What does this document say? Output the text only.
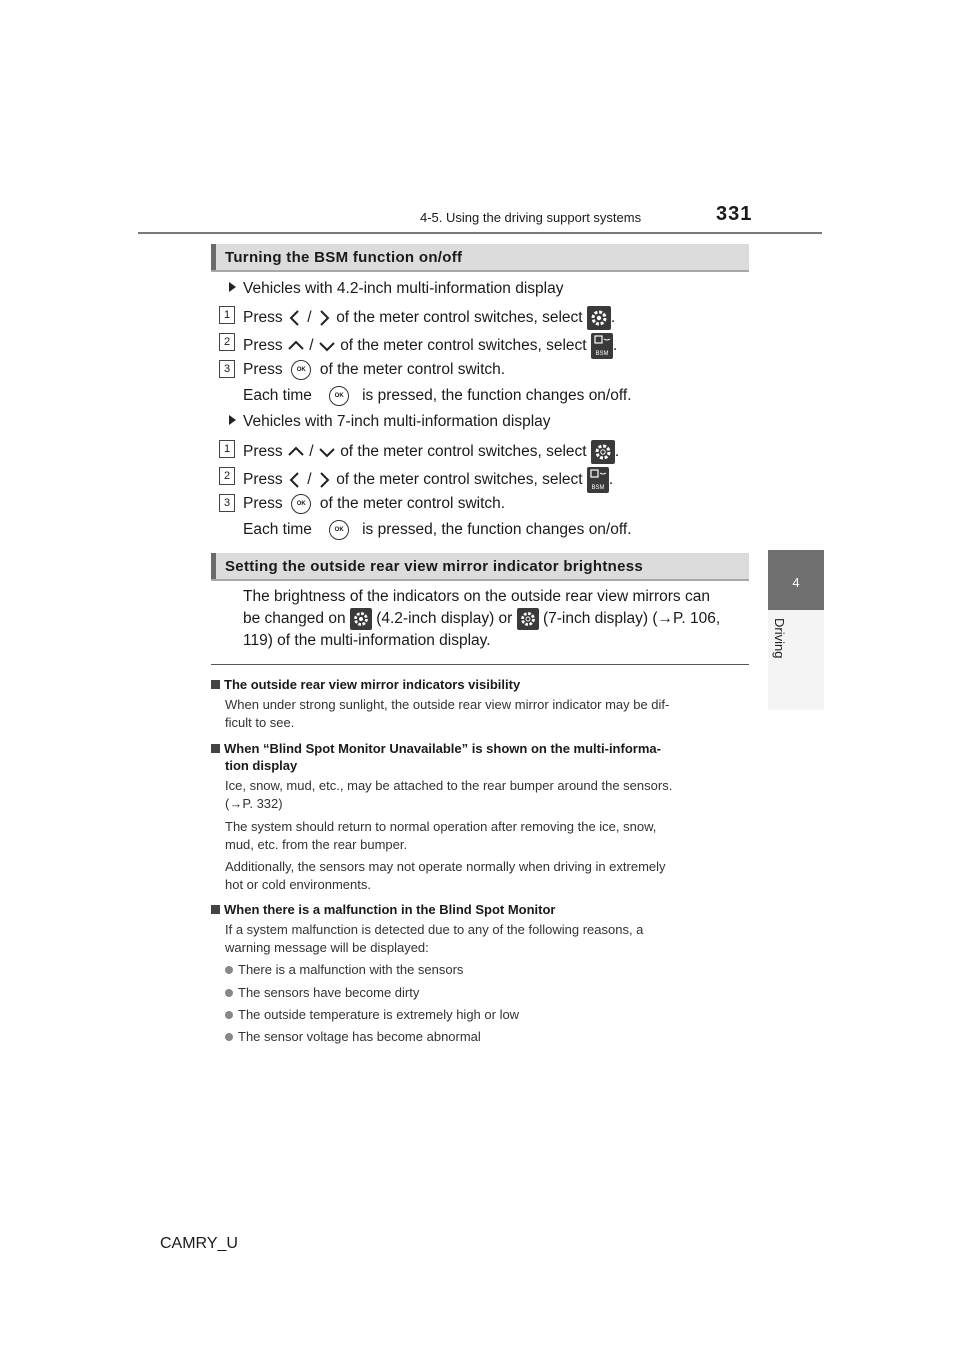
4-5. Using the driving support systems	331
4
Driving
Turning the BSM function on/off
Vehicles with 4.2-inch multi-information display
1 Press / of the meter control switches, select .
2 Press / of the meter control switches, select BSM .
3 Press OK of the meter control switch.
Each time	OK is pressed, the function changes on/off.
Vehicles with 7-inch multi-information display
1 Press / of the meter control switches, select .
2 Press / of the meter control switches, select BSM .
3 Press OK of the meter control switch.
Each time	OK is pressed, the function changes on/off.
Setting the outside rear view mirror indicator brightness
The brightness of the indicators on the outside rear view mirrors can
be changed on (4.2-inch display) or (7-inch display) (→P. 106,
119) of the multi-information display.
The outside rear view mirror indicators visibility
When under strong sunlight, the outside rear view mirror indicator may be dif-
ficult to see.
When “Blind Spot Monitor Unavailable” is shown on the multi-informa-
tion display
Ice, snow, mud, etc., may be attached to the rear bumper around the sensors.
(→P. 332)
The system should return to normal operation after removing the ice, snow,
mud, etc. from the rear bumper.
Additionally, the sensors may not operate normally when driving in extremely
hot or cold environments.
When there is a malfunction in the Blind Spot Monitor
If a system malfunction is detected due to any of the following reasons, a
warning message will be displayed:
There is a malfunction with the sensors
The sensors have become dirty
The outside temperature is extremely high or low
The sensor voltage has become abnormal
CAMRY_U
